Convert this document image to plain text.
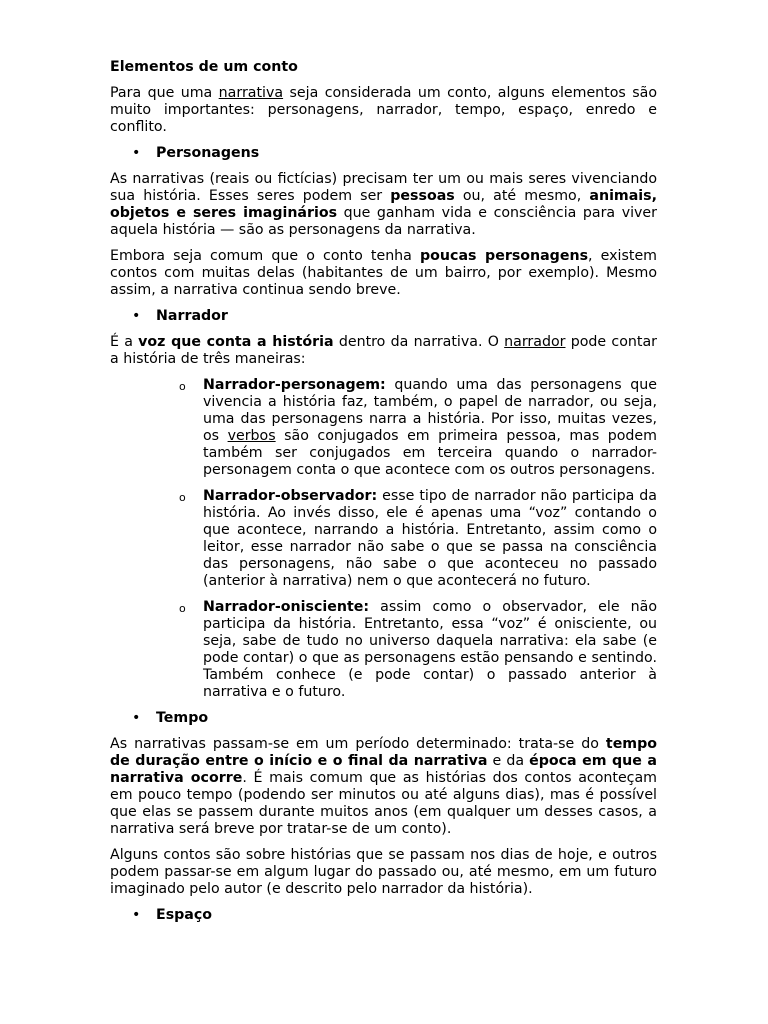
Elementos de um conto

Para que uma narrativa seja considerada um conto, alguns elementos são muito importantes: personagens, narrador, tempo, espaço, enredo e conflito.

• Personagens

As narrativas (reais ou fictícias) precisam ter um ou mais seres vivenciando sua história. Esses seres podem ser pessoas ou, até mesmo, animais, objetos e seres imaginários que ganham vida e consciência para viver aquela história — são as personagens da narrativa.

Embora seja comum que o conto tenha poucas personagens, existem contos com muitas delas (habitantes de um bairro, por exemplo). Mesmo assim, a narrativa continua sendo breve.

• Narrador

É a voz que conta a história dentro da narrativa. O narrador pode contar a história de três maneiras:

o Narrador-personagem: quando uma das personagens que vivencia a história faz, também, o papel de narrador, ou seja, uma das personagens narra a história. Por isso, muitas vezes, os verbos são conjugados em primeira pessoa, mas podem também ser conjugados em terceira quando o narrador-personagem conta o que acontece com os outros personagens.
o Narrador-observador: esse tipo de narrador não participa da história. Ao invés disso, ele é apenas uma “voz” contando o que acontece, narrando a história. Entretanto, assim como o leitor, esse narrador não sabe o que se passa na consciência das personagens, não sabe o que aconteceu no passado (anterior à narrativa) nem o que acontecerá no futuro.
o Narrador-onisciente: assim como o observador, ele não participa da história. Entretanto, essa “voz” é onisciente, ou seja, sabe de tudo no universo daquela narrativa: ela sabe (e pode contar) o que as personagens estão pensando e sentindo. Também conhece (e pode contar) o passado anterior à narrativa e o futuro.
• Tempo

As narrativas passam-se em um período determinado: trata-se do tempo de duração entre o início e o final da narrativa e da época em que a narrativa ocorre. É mais comum que as histórias dos contos aconteçam em pouco tempo (podendo ser minutos ou até alguns dias), mas é possível que elas se passem durante muitos anos (em qualquer um desses casos, a narrativa será breve por tratar-se de um conto).

Alguns contos são sobre histórias que se passam nos dias de hoje, e outros podem passar-se em algum lugar do passado ou, até mesmo, em um futuro imaginado pelo autor (e descrito pelo narrador da história).

• Espaço
